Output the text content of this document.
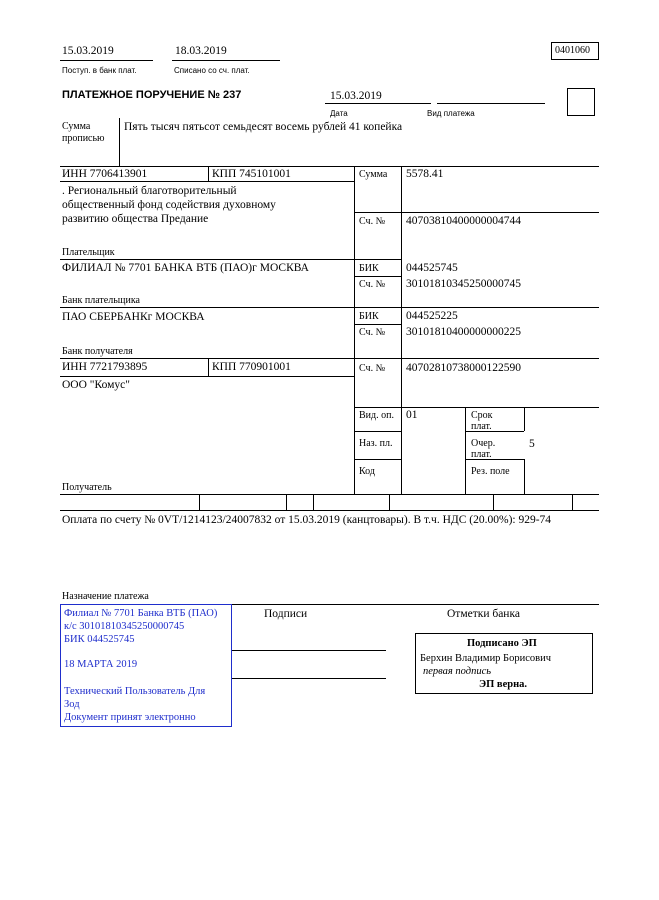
15.03.2019
Поступ. в банк плат.
18.03.2019
Списано со сч. плат.
0401060
ПЛАТЕЖНОЕ ПОРУЧЕНИЕ № 237	15.03.2019
Дата	Вид платежа
Сумма
прописью
Пять тысяч пятьсот семьдесят восемь рублей 41 копейка
ИНН 7706413901	КПП 745101001
. Региональный благотворительный
общественный фонд содействия духовному
развитию общества Предание
Плательщик
Сумма 5578.41
Сч. № 40703810400000004744
ФИЛИАЛ № 7701 БАНКА ВТБ (ПАО)г МОСКВА
Банк плательщика
БИК 044525745
Сч. № 30101810345250000745
ПАО СБЕРБАНКг МОСКВА
Банк получателя
БИК 044525225
Сч. № 30101810400000000225
ИНН 7721793895	КПП 770901001
ООО "Комус"
Получатель
Сч. № 40702810738000122590
Вид. оп. 01	Срок
плат.
Наз. пл.	Очер.
плат.
5
Код	Рез. поле
Оплата по счету № 0VT/1214123/24007832 от 15.03.2019 (канцтовары). В т.ч. НДС (20.00%): 929-74
Назначение платежа
Подписи	Отметки банка
Филиал № 7701 Банка ВТБ (ПАО)
к/с 30101810345250000745
БИК 044525745
18 МАРТА 2019
Технический Пользователь Для
Зод
Документ принят электронно
Подписано ЭП
Берхин Владимир Борисович
первая подпись
ЭП верна.
